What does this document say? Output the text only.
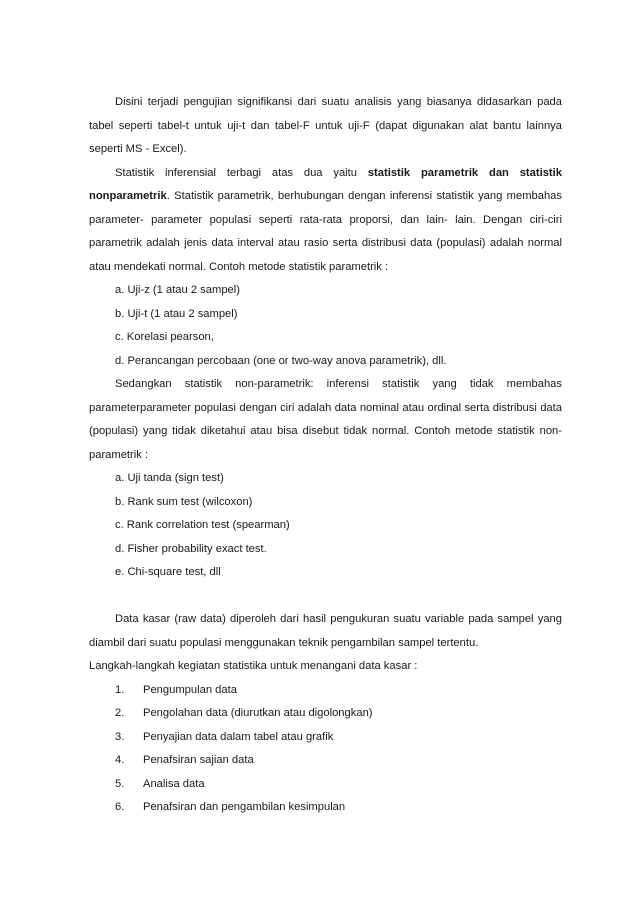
Disini terjadi pengujian signifikansi dari suatu analisis yang biasanya didasarkan pada tabel seperti tabel-t untuk uji-t dan tabel-F untuk uji-F (dapat digunakan alat bantu lainnya seperti MS - Excel).

Statistik inferensial terbagi atas dua yaitu statistik parametrik dan statistik nonparametrik. Statistik parametrik, berhubungan dengan inferensi statistik yang membahas parameter- parameter populasi seperti rata-rata proporsi, dan lain- lain. Dengan ciri-ciri parametrik adalah jenis data interval atau rasio serta distribusi data (populasi) adalah normal atau mendekati normal. Contoh metode statistik parametrik :

a. Uji-z (1 atau 2 sampel)
b. Uji-t (1 atau 2 sampel)
c. Korelasi pearson,
d. Perancangan percobaan (one or two-way anova parametrik), dll.

Sedangkan statistik non-parametrik: inferensi statistik yang tidak membahas parameterparameter populasi dengan ciri adalah data nominal atau ordinal serta distribusi data (populasi) yang tidak diketahui atau bisa disebut tidak normal. Contoh metode statistik non-parametrik :

a. Uji tanda (sign test)
b. Rank sum test (wilcoxon)
c. Rank correlation test (spearman)
d. Fisher probability exact test.
e. Chi-square test, dll

Data kasar (raw data) diperoleh dari hasil pengukuran suatu variable pada sampel yang diambil dari suatu populasi menggunakan teknik pengambilan sampel tertentu.

Langkah-langkah kegiatan statistika untuk menangani data kasar :

1.	Pengumpulan data
2.	Pengolahan data (diurutkan atau digolongkan)
3.	Penyajian data dalam tabel atau grafik
4.	Penafsiran sajian data
5.	Analisa data
6.	Penafsiran dan pengambilan kesimpulan
